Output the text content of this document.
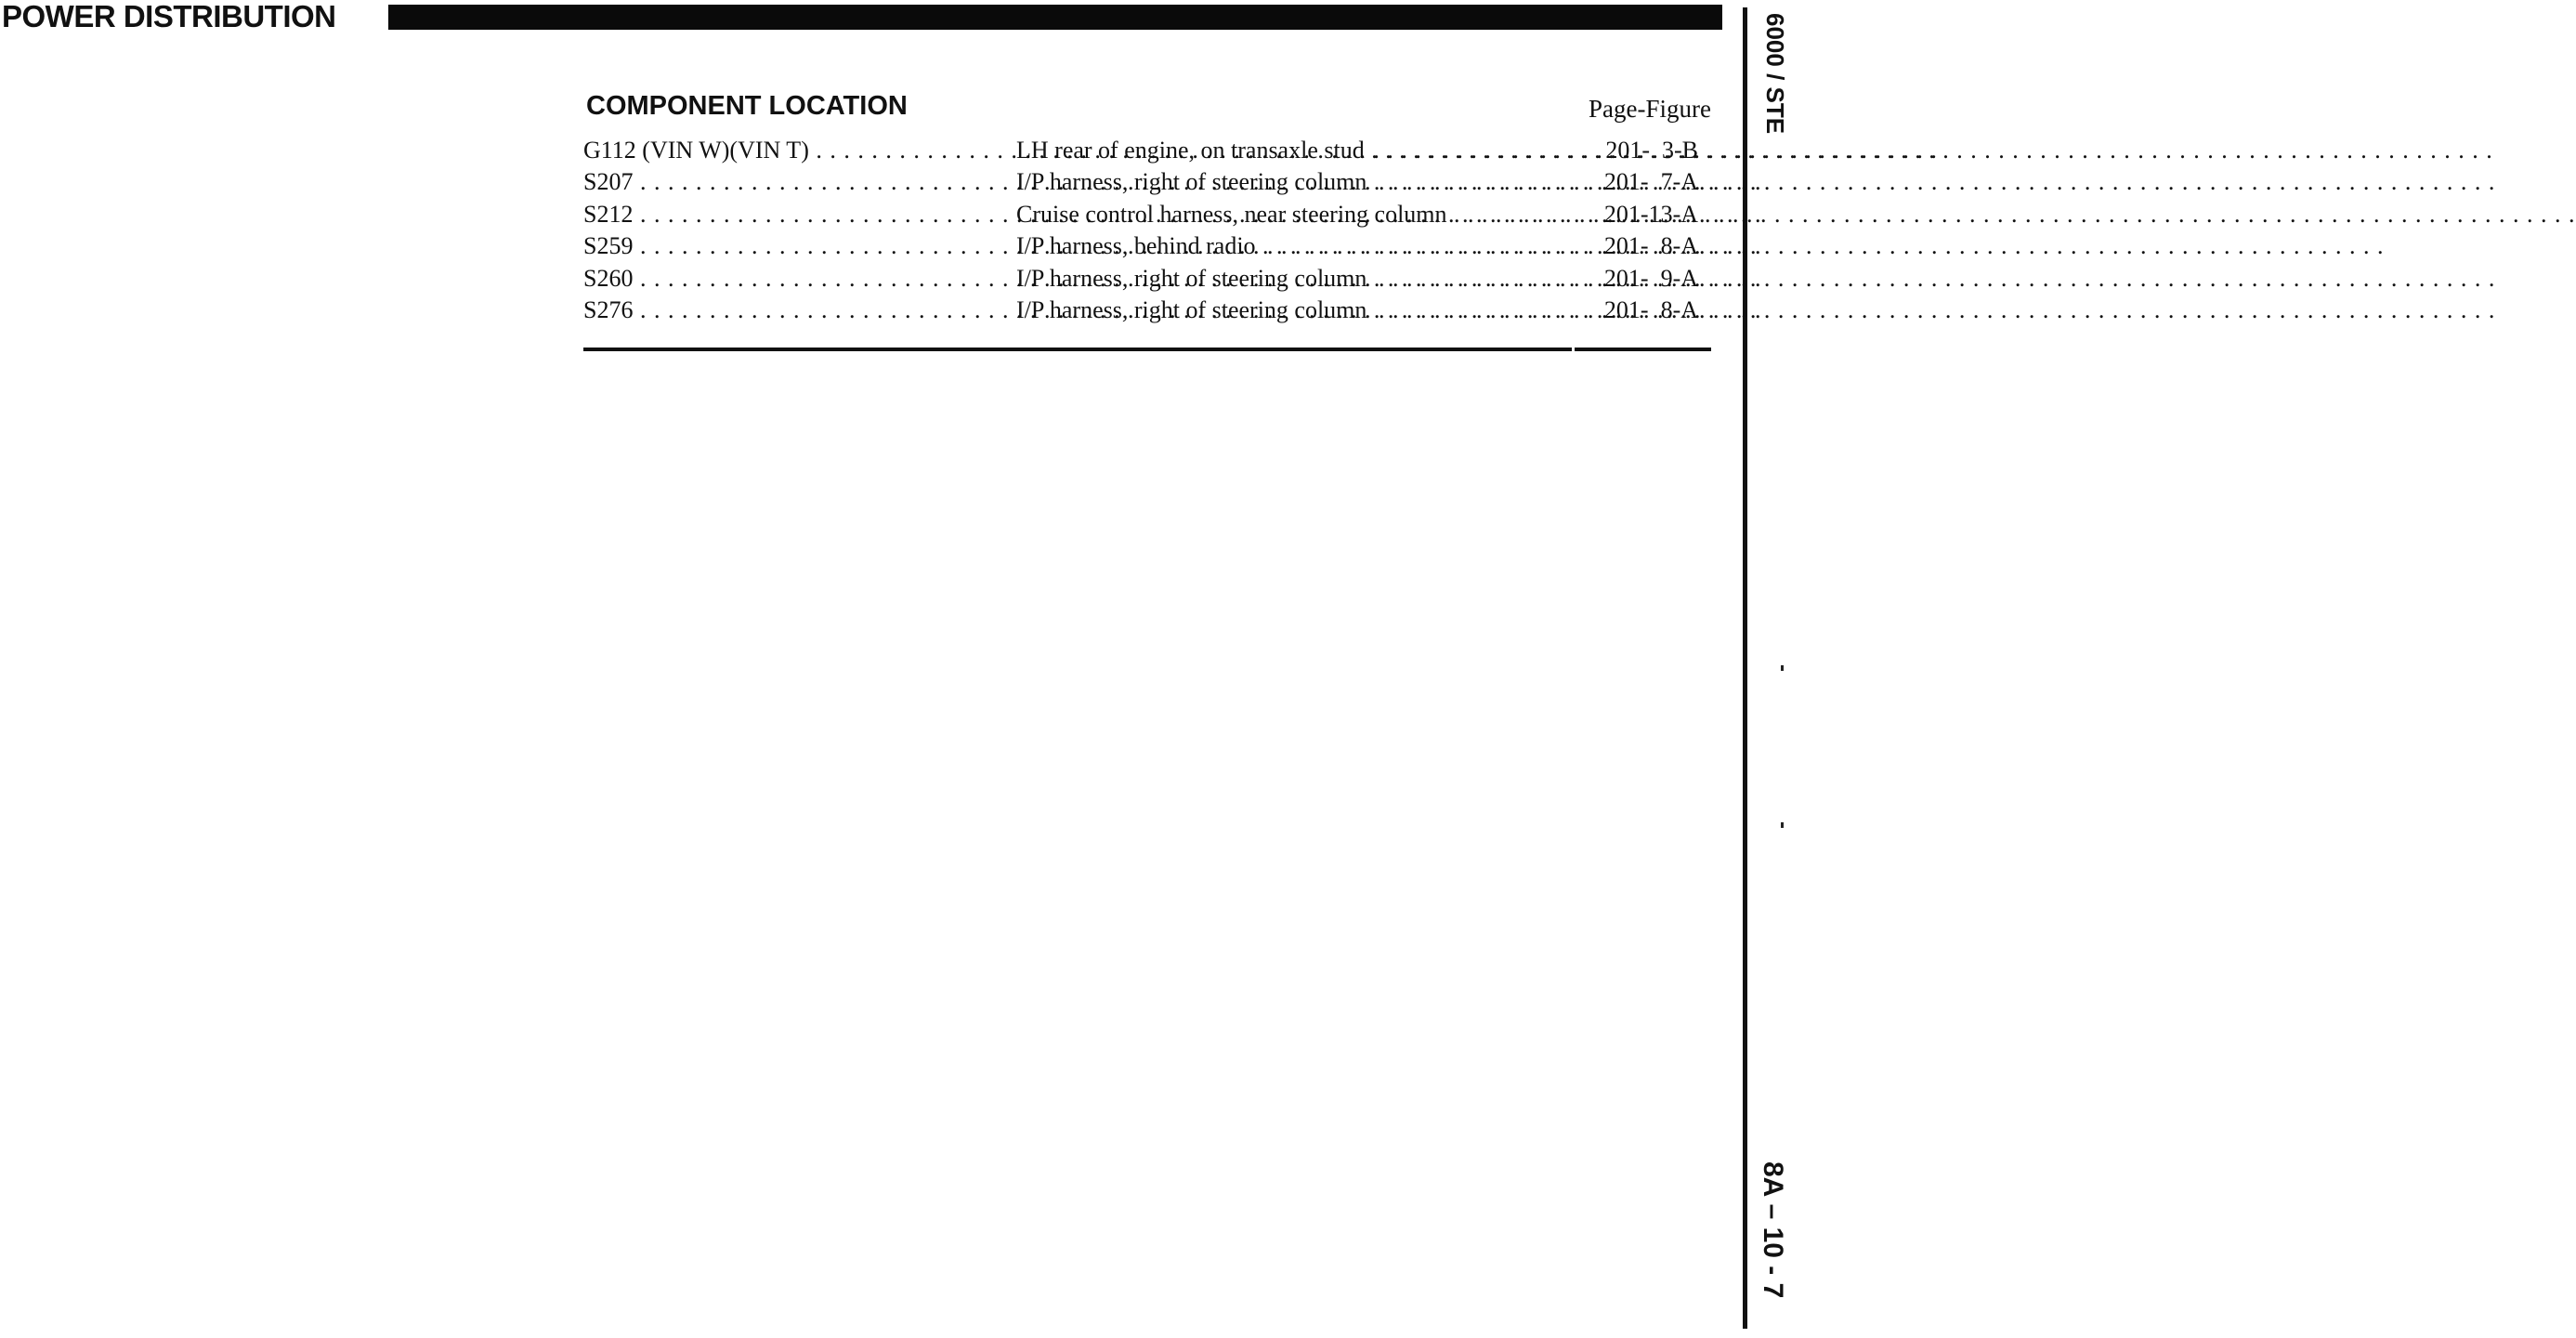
POWER DISTRIBUTION	6000 / STE
8A – 10 - 7
COMPONENT LOCATION	Page-Figure
G112 (VIN W)(VIN T) . . .	LH rear of engine, on transaxle stud . . .	201-  3-B
S207 . . .	I/P harness, right of steering column . . .	201-  7-A
S212 . . .	Cruise control harness, near steering column . . .	201-13-A
S259 . . .	I/P harness, behind radio . . .	201-  8-A
S260 . . .	I/P harness, right of steering column . . .	201-  9-A
S276 . . .	I/P harness, right of steering column . . .	201-  8-A
